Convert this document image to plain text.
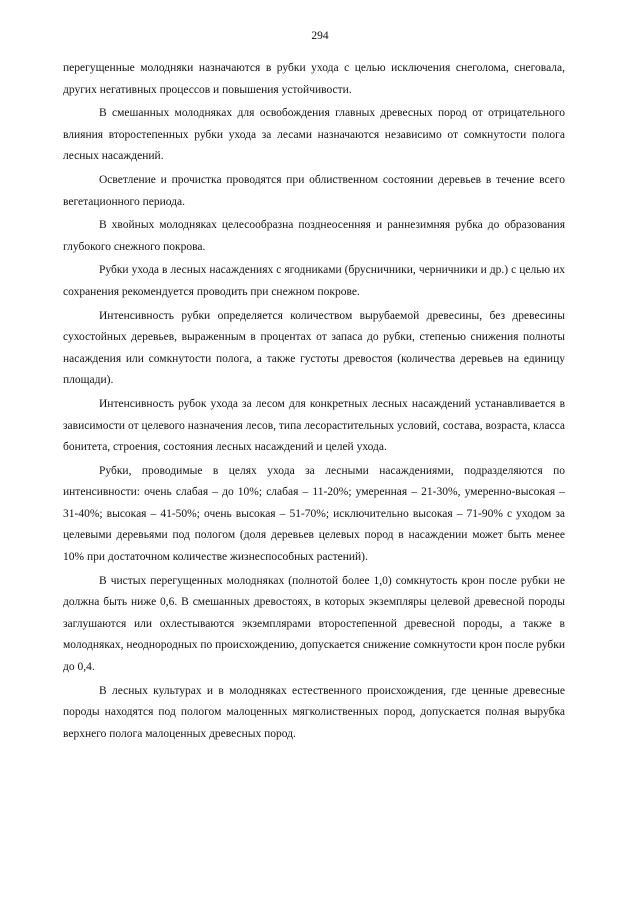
294

перегущенные молодняки назначаются в рубки ухода с целью исключения снеголома, снеговала, других негативных процессов и повышения устойчивости.

В смешанных молодняках для освобождения главных древесных пород от отрицательного влияния второстепенных рубки ухода за лесами назначаются независимо от сомкнутости полога лесных насаждений.

Осветление и прочистка проводятся при облиственном состоянии деревьев в течение всего вегетационного периода.

В хвойных молодняках целесообразна позднеосенняя и раннезимняя рубка до образования глубокого снежного покрова.

Рубки ухода в лесных насаждениях с ягодниками (брусничники, черничники и др.) с целью их сохранения рекомендуется проводить при снежном покрове.

Интенсивность рубки определяется количеством вырубаемой древесины, без древесины сухостойных деревьев, выраженным в процентах от запаса до рубки, степенью снижения полноты насаждения или сомкнутости полога, а также густоты древостоя (количества деревьев на единицу площади).

Интенсивность рубок ухода за лесом для конкретных лесных насаждений устанавливается в зависимости от целевого назначения лесов, типа лесорастительных условий, состава, возраста, класса бонитета, строения, состояния лесных насаждений и целей ухода.

Рубки, проводимые в целях ухода за лесными насаждениями, подразделяются по интенсивности: очень слабая – до 10%; слабая – 11-20%; умеренная – 21-30%, умеренно-высокая – 31-40%; высокая – 41-50%; очень высокая – 51-70%; исключительно высокая – 71-90% с уходом за целевыми деревьями под пологом (доля деревьев целевых пород в насаждении может быть менее 10% при достаточном количестве жизнеспособных растений).

В чистых перегущенных молодняках (полнотой более 1,0) сомкнутость крон после рубки не должна быть ниже 0,6. В смешанных древостоях, в которых экземпляры целевой древесной породы заглушаются или охлестываются экземплярами второстепенной древесной породы, а также в молодняках, неоднородных по происхождению, допускается снижение сомкнутости крон после рубки до 0,4.

В лесных культурах и в молодняках естественного происхождения, где ценные древесные породы находятся под пологом малоценных мягколиственных пород, допускается полная вырубка верхнего полога малоценных древесных пород.
